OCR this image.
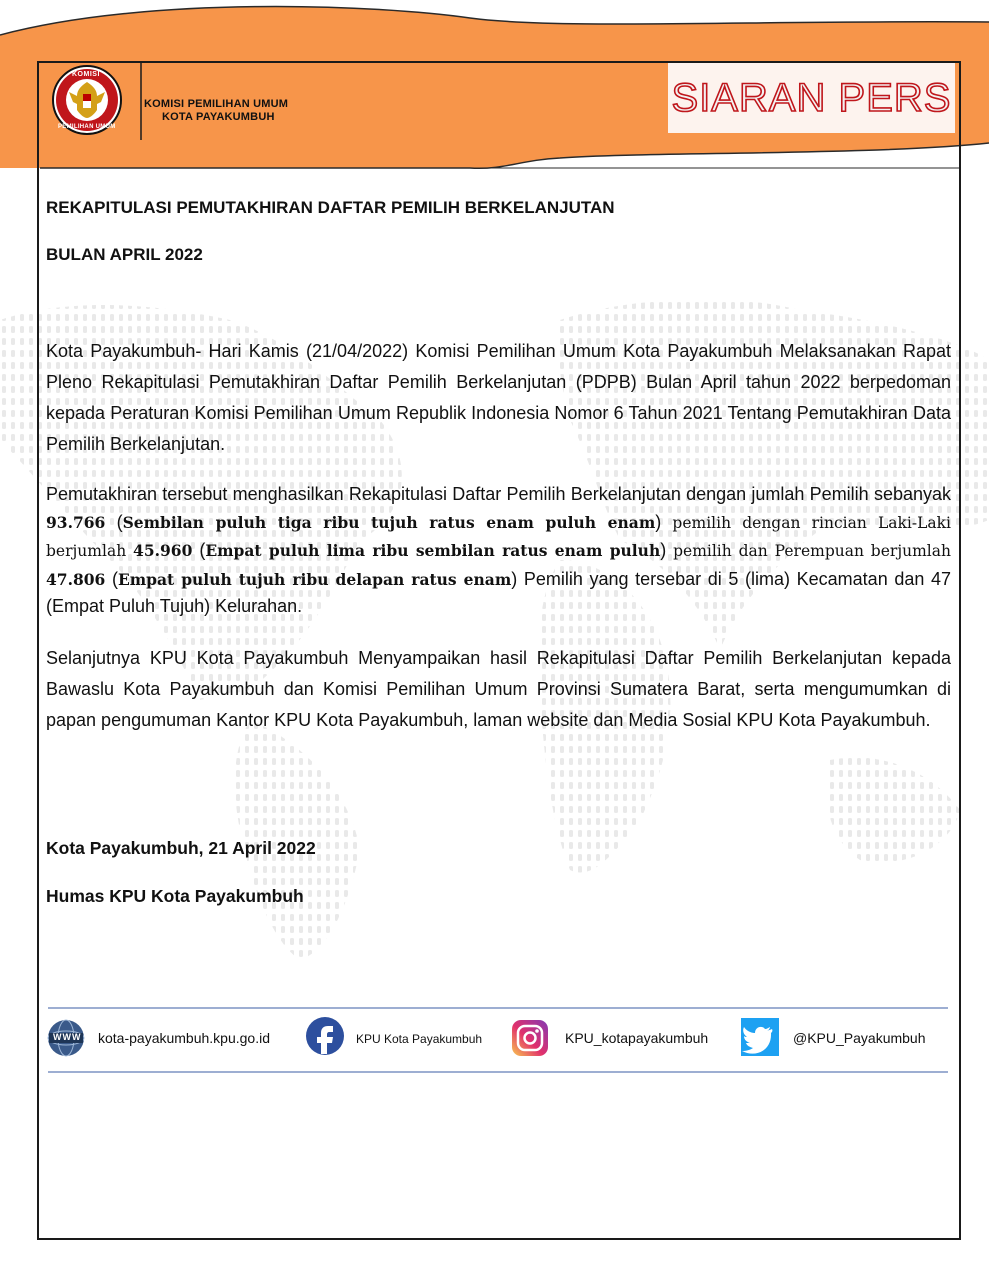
KOMISI
PEMILIHAN UMUM
KOMISI PEMILIHAN UMUM
KOTA PAYAKUMBUH	SIARAN PERS
REKAPITULASI PEMUTAKHIRAN DAFTAR PEMILIH BERKELANJUTAN
BULAN APRIL 2022

Kota Payakumbuh- Hari Kamis (21/04/2022) Komisi Pemilihan Umum Kota Payakumbuh Melaksanakan Rapat Pleno Rekapitulasi Pemutakhiran Daftar Pemilih Berkelanjutan (PDPB) Bulan April tahun 2022 berpedoman kepada Peraturan Komisi Pemilihan Umum Republik Indonesia Nomor 6 Tahun 2021 Tentang Pemutakhiran Data Pemilih Berkelanjutan.

Pemutakhiran tersebut menghasilkan Rekapitulasi Daftar Pemilih Berkelanjutan dengan jumlah Pemilih sebanyak 93.766 (Sembilan puluh tiga ribu tujuh ratus enam puluh enam) pemilih dengan rincian Laki-Laki berjumlah 45.960 (Empat puluh lima ribu sembilan ratus enam puluh) pemilih dan Perempuan berjumlah 47.806 (Empat puluh tujuh ribu delapan ratus enam) Pemilih yang tersebar di 5 (lima) Kecamatan dan 47 (Empat Puluh Tujuh) Kelurahan.

Selanjutnya KPU Kota Payakumbuh Menyampaikan hasil Rekapitulasi Daftar Pemilih Berkelanjutan kepada Bawaslu Kota Payakumbuh dan Komisi Pemilihan Umum Provinsi Sumatera Barat, serta mengumumkan di papan pengumuman Kantor KPU Kota Payakumbuh, laman website dan Media Sosial KPU Kota Payakumbuh.

Kota Payakumbuh, 21 April 2022
Humas KPU Kota Payakumbuh
WWW kota-payakumbuh.kpu.go.id	KPU Kota Payakumbuh	KPU_kotapayakumbuh	@KPU_Payakumbuh
